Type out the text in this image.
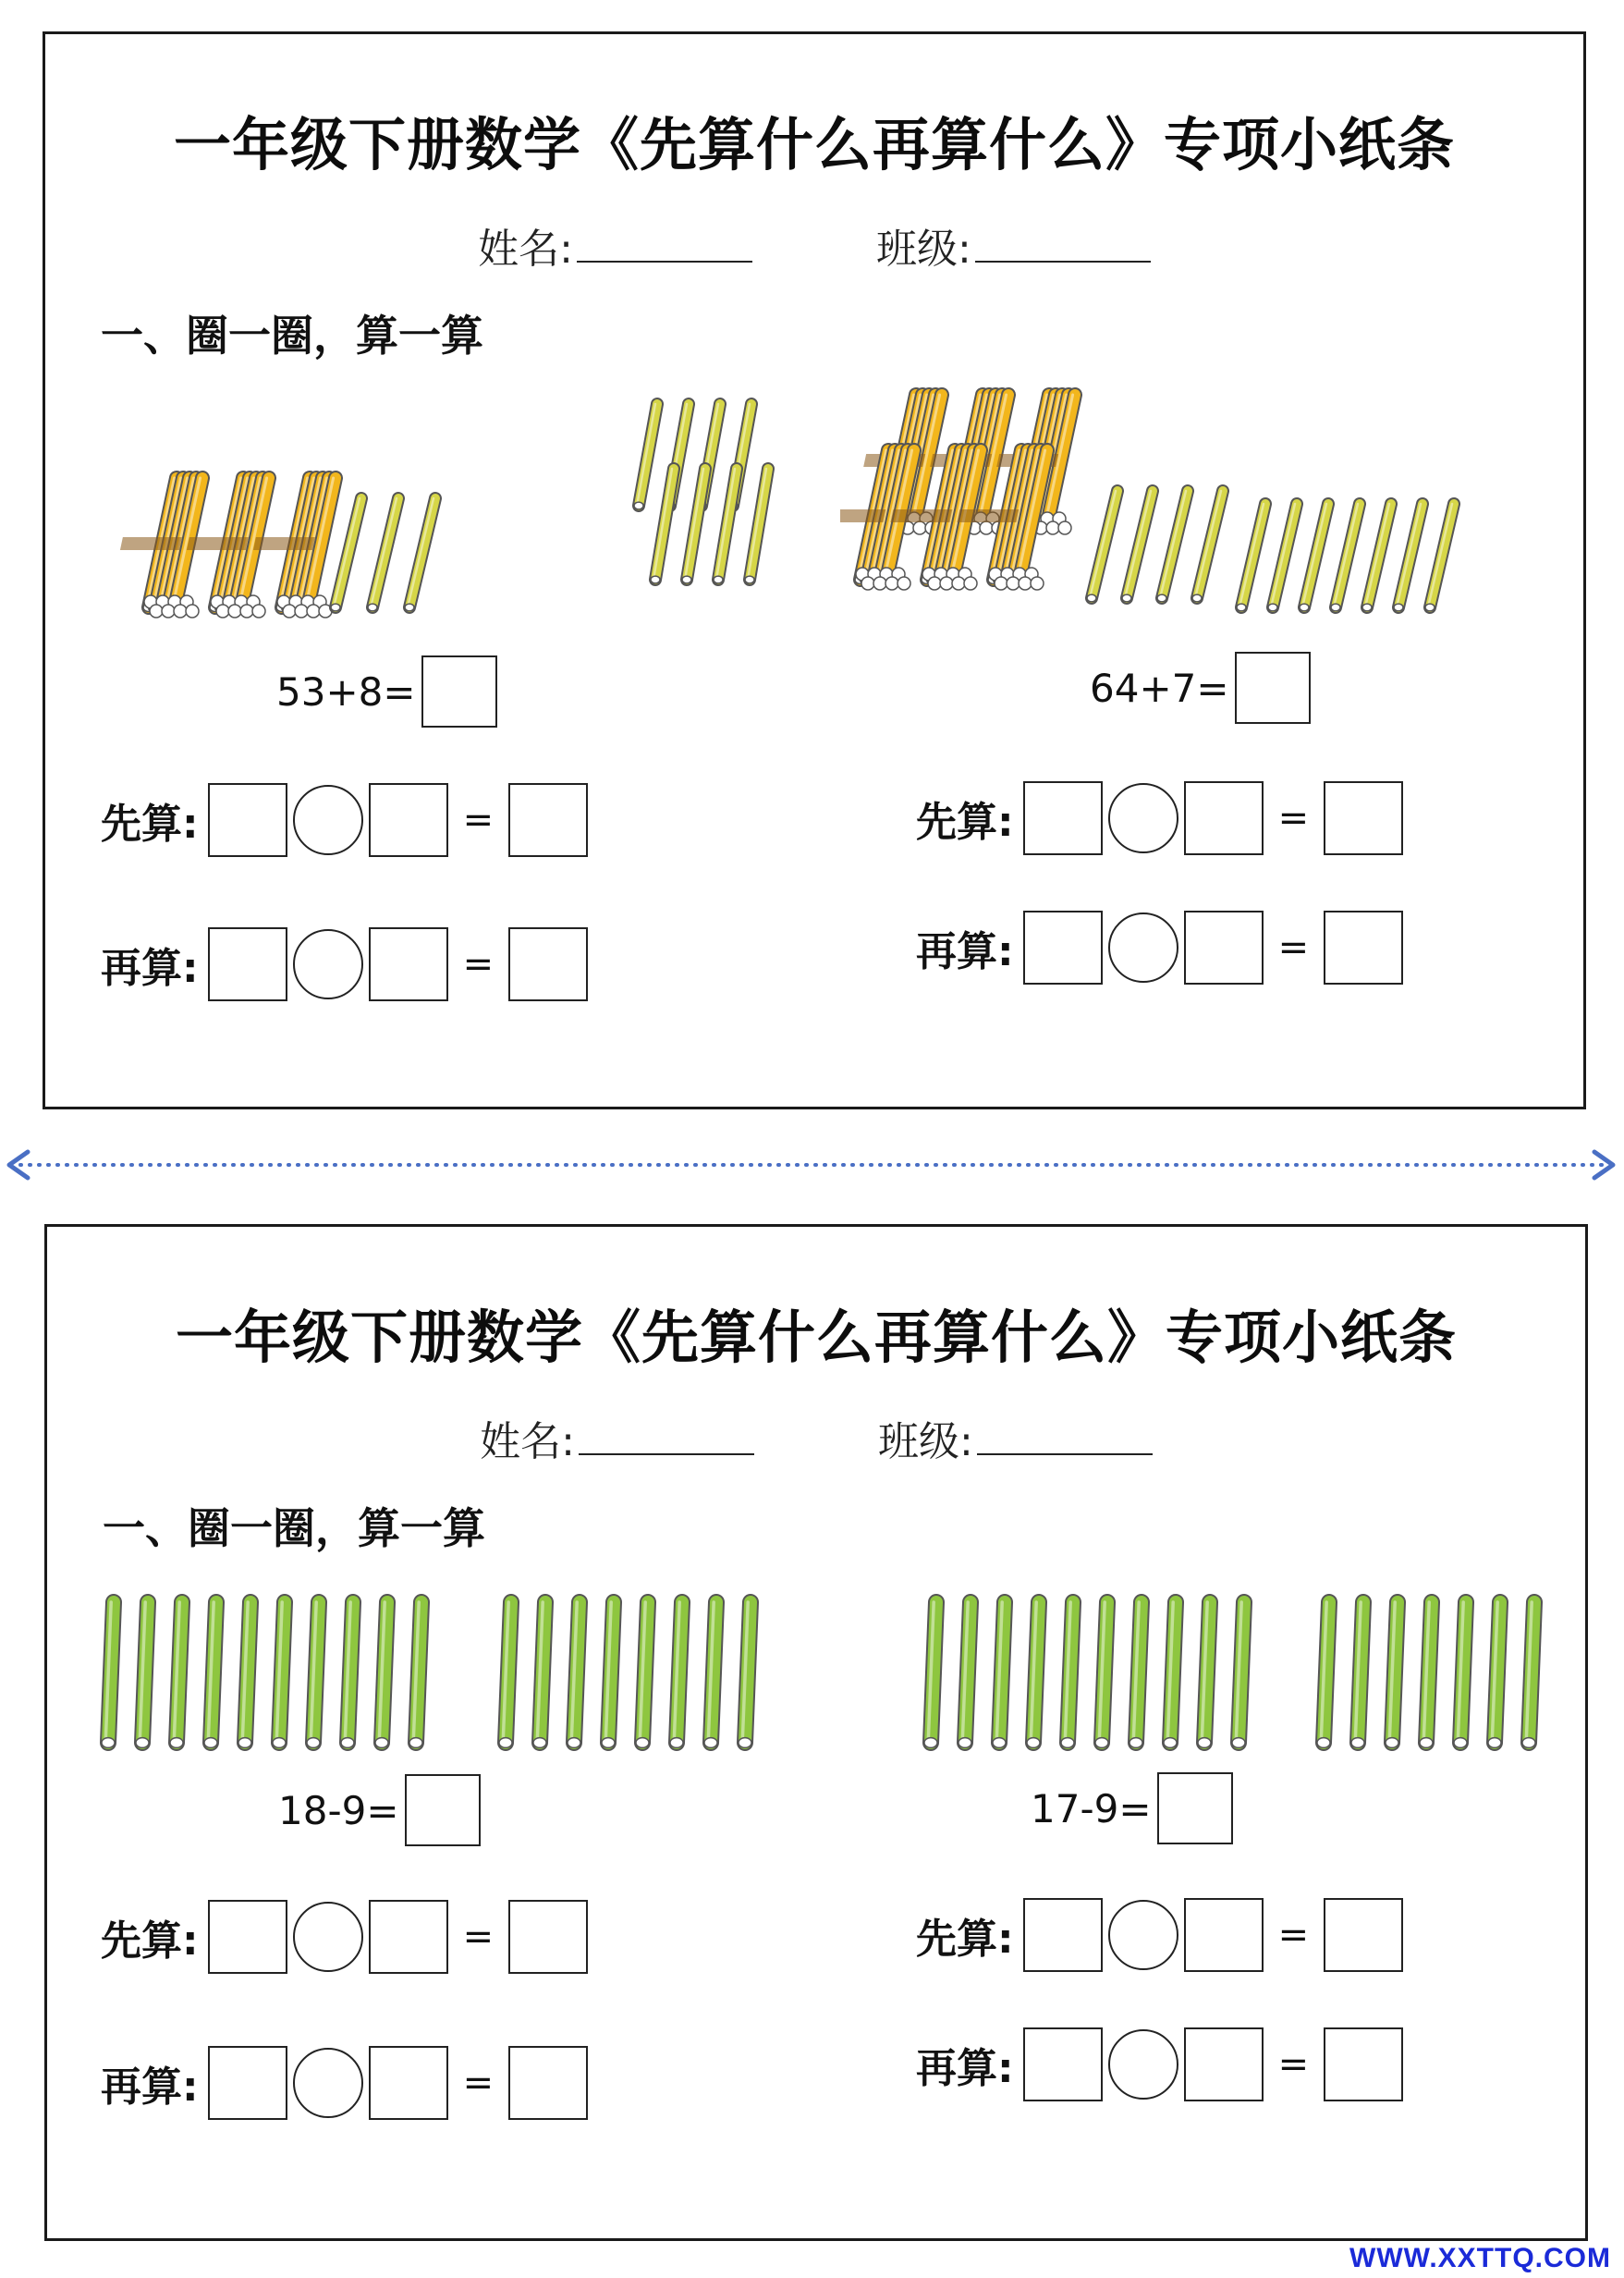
一年级下册数学《先算什么再算什么》专项小纸条
姓名:	班级:
一、圈一圈，算一算
53+8=	64+7=
先算:	=
再算:	=
先算:	=
再算:	=
一年级下册数学《先算什么再算什么》专项小纸条
姓名:	班级:
一、圈一圈，算一算
18-9=	17-9=
先算:	=
再算:	=
先算:	=
再算:	=
WWW.XXTTQ.COM
